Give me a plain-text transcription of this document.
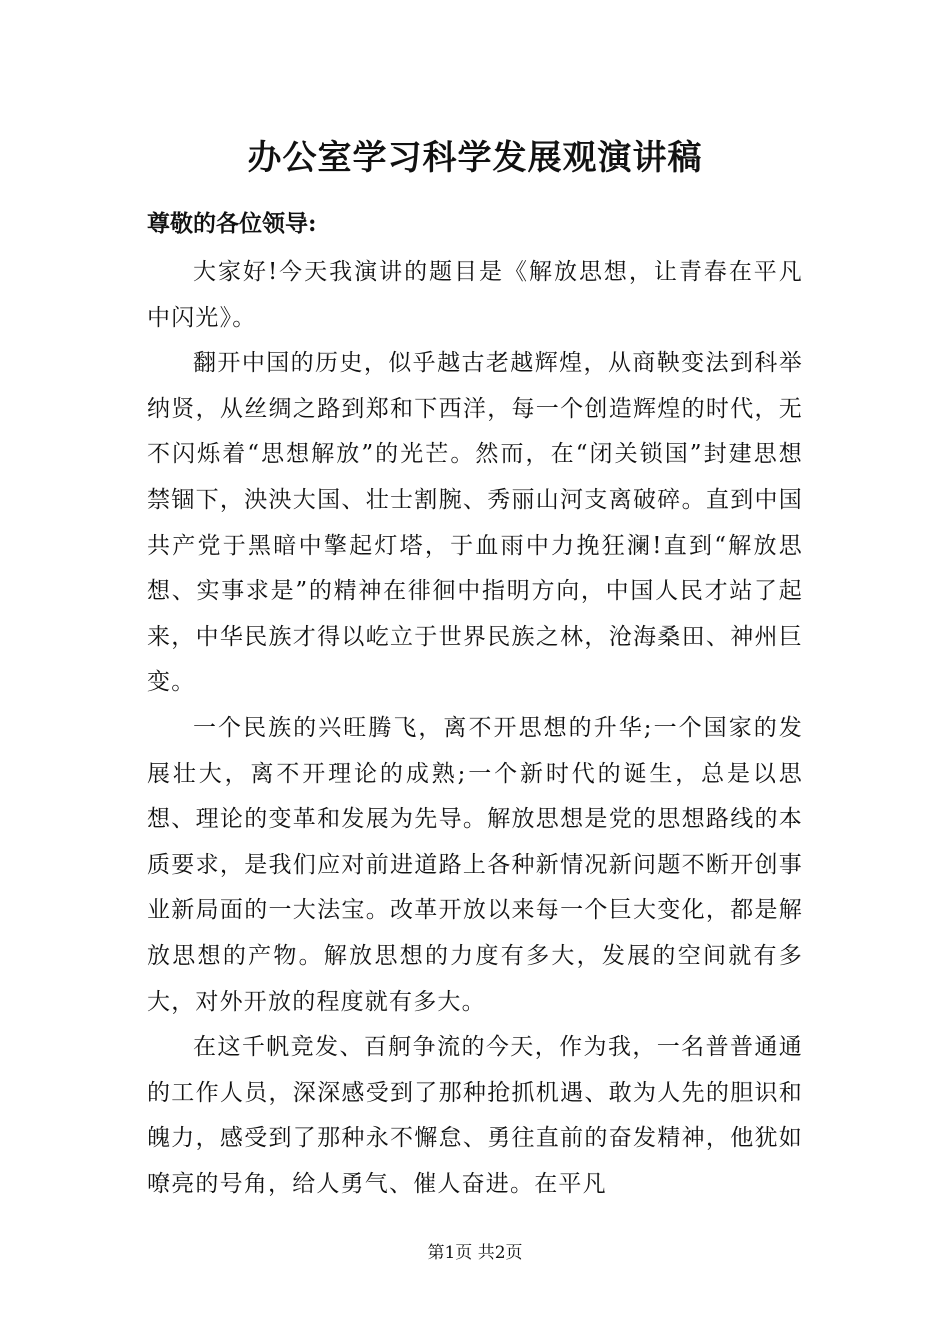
办公室学习科学发展观演讲稿
尊敬的各位领导:

大家好!今天我演讲的题目是《解放思想，让青春在平凡中闪光》。

翻开中国的历史，似乎越古老越辉煌，从商鞅变法到科举纳贤，从丝绸之路到郑和下西洋，每一个创造辉煌的时代，无不闪烁着“思想解放”的光芒。然而，在“闭关锁国”封建思想禁锢下，泱泱大国、壮士割腕、秀丽山河支离破碎。直到中国共产党于黑暗中擎起灯塔，于血雨中力挽狂澜!直到“解放思想、实事求是”的精神在徘徊中指明方向，中国人民才站了起来，中华民族才得以屹立于世界民族之林，沧海桑田、神州巨变。

一个民族的兴旺腾飞，离不开思想的升华;一个国家的发展壮大，离不开理论的成熟;一个新时代的诞生，总是以思想、理论的变革和发展为先导。解放思想是党的思想路线的本质要求，是我们应对前进道路上各种新情况新问题不断开创事业新局面的一大法宝。改革开放以来每一个巨大变化，都是解放思想的产物。解放思想的力度有多大，发展的空间就有多大，对外开放的程度就有多大。

在这千帆竞发、百舸争流的今天，作为我，一名普普通通的工作人员，深深感受到了那种抢抓机遇、敢为人先的胆识和魄力，感受到了那种永不懈怠、勇往直前的奋发精神，他犹如嘹亮的号角，给人勇气、催人奋进。在平凡

第1页 共2页
